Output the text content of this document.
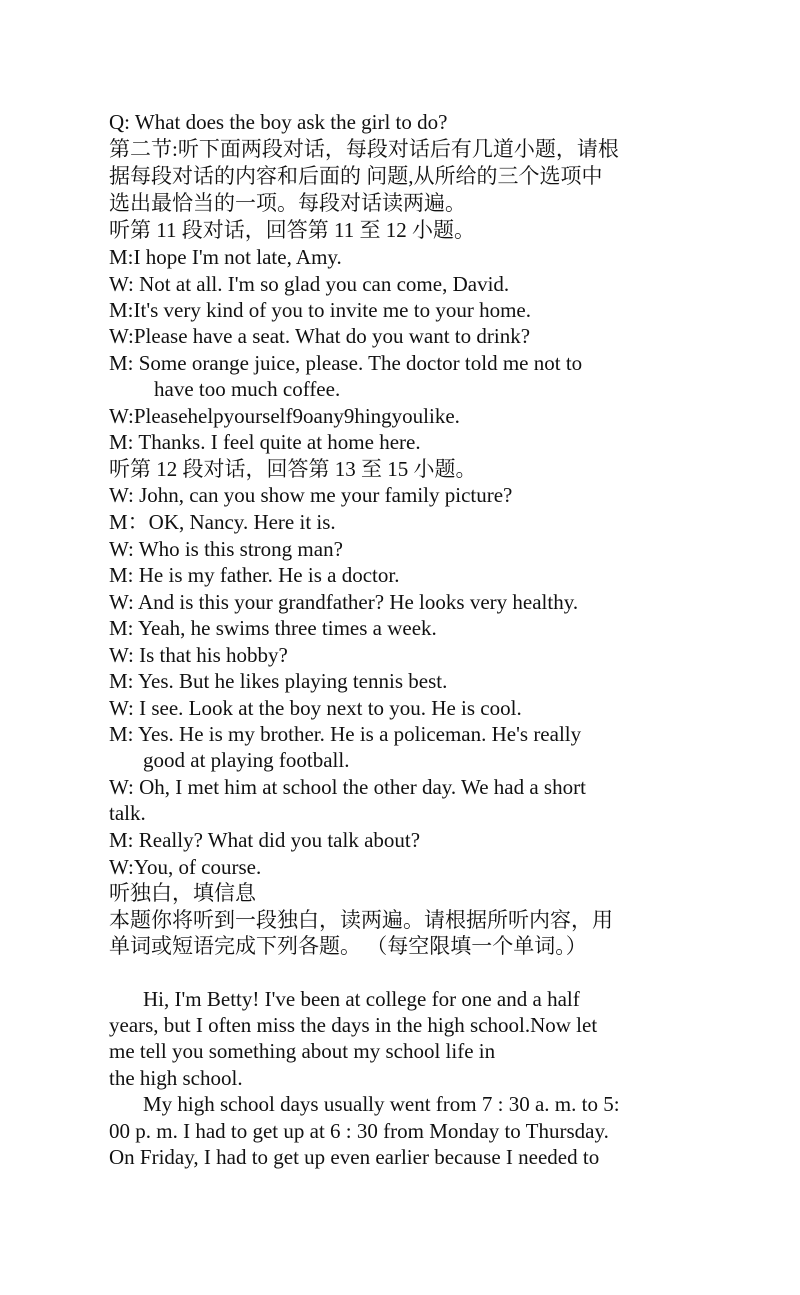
Q: What does the boy ask the girl to do?
第二节:听下面两段对话，每段对话后有几道小题，请根
据每段对话的内容和后面的 问题,从所给的三个选项中
选出最恰当的一项。每段对话读两遍。
听第 11 段对话，回答第 11 至 12 小题。
M:I hope I'm not late, Amy.
W: Not at all. I'm so glad you can come, David.
M:It's very kind of you to invite me to your home.
W:Please have a seat. What do you want to drink?
M: Some orange juice, please. The doctor told me not to
have too much coffee.
W:Pleasehelpyourself9oany9hingyoulike.
M: Thanks. I feel quite at home here.
听第 12 段对话，回答第 13 至 15 小题。
W: John, can you show me your family picture?
M：OK, Nancy. Here it is.
W: Who is this strong man?
M: He is my father. He is a doctor.
W: And is this your grandfather? He looks very healthy.
M: Yeah, he swims three times a week.
W: Is that his hobby?
M: Yes. But he likes playing tennis best.
W: I see. Look at the boy next to you. He is cool.
M: Yes. He is my brother. He is a policeman. He's really
good at playing football.
W: Oh, I met him at school the other day. We had a short
talk.
M: Really? What did you talk about?
W:You, of course.
听独白，填信息
本题你将听到一段独白，读两遍。请根据所听内容，用
单词或短语完成下列各题。 （每空限填一个单词。）
Hi, I'm Betty! I've been at college for one and a half
years, but I often miss the days in the high school.Now let
me tell you something about my school life in
the high school.
My high school days usually went from 7 : 30 a. m. to 5:
00 p. m. I had to get up at 6 : 30 from Monday to Thursday.
On Friday, I had to get up even earlier because I needed to
